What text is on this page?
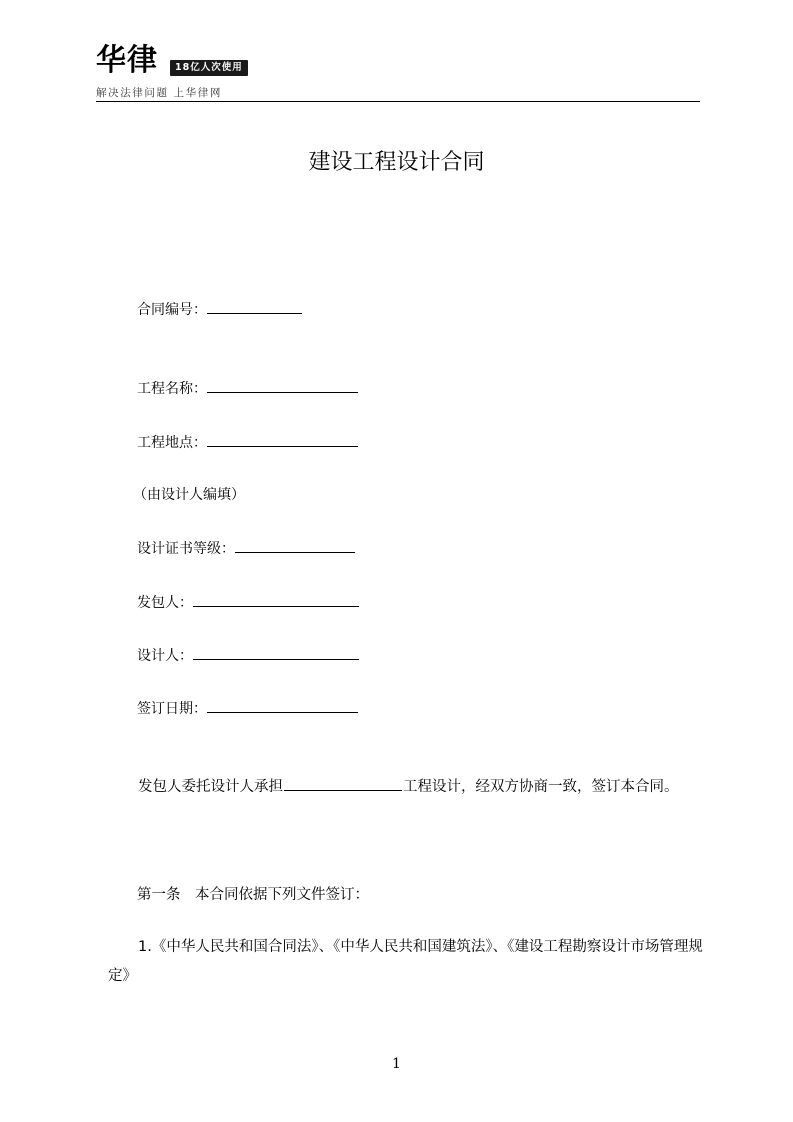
华律	18亿人次使用
解决法律问题 上华律网
建设工程设计合同
合同编号：
工程名称：
工程地点：
（由设计人编填）
设计证书等级：
发包人：
设计人：
签订日期：
发包人委托设计人承担	工程设计，经双方协商一致，签订本合同。
第一条　本合同依据下列文件签订：
1.《中华人民共和国合同法》、《中华人民共和国建筑法》、《建设工程勘察设计市场管理规定》
1
